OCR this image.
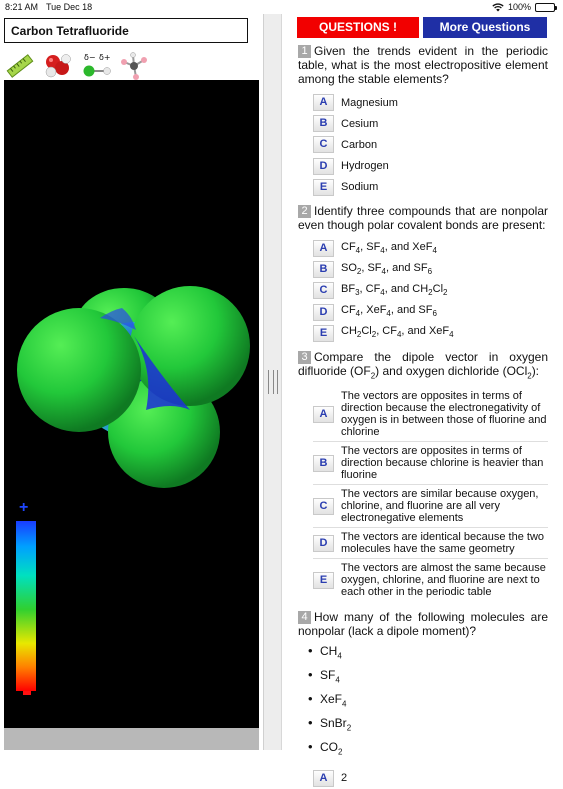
8:21 AM Tue Dec 18	100%
Carbon Tetrafluoride
δ− δ+
+
QUESTIONS !	More Questions
1 Given the trends evident in the periodic table, what is the most electropositive element among the stable elements?
A	Magnesium
B	Cesium
C	Carbon
D	Hydrogen
E	Sodium
2 Identify three compounds that are nonpolar even though polar covalent bonds are present:
A	$CF_4$, $SF_4$, and XeF$_4$
B	$SO_2$, $SF_4$, and $SF_6$
C	$BF_3$, $CF_4$, and $CH_2Cl_2$
D	$CF_4$, XeF$_4$, and $SF_6$
E	$CH_2Cl_2$, $CF_4$, and XeF$_4$
3 Compare the dipole vector in oxygen difluoride $(OF_2)$ and oxygen dichloride (OCl$_2$):
A
The vectors are opposites in terms of direction because the electronegativity of oxygen is in between those of fluorine and chlorine
B
The vectors are opposites in terms of direction because chlorine is heavier than fluorine
C
The vectors are similar because oxygen, chlorine, and fluorine are all very electronegative elements
D	The vectors are identical because the two molecules have the same geometry
E
The vectors are almost the same because oxygen, chlorine, and fluorine are next to each other in the periodic table
4 How many of the following molecules are nonpolar (lack a dipole moment)?
• $CH_4$
• $SF_4$
• XeF$_4$
• SnBr$_2$
• $CO_2$
A	2
